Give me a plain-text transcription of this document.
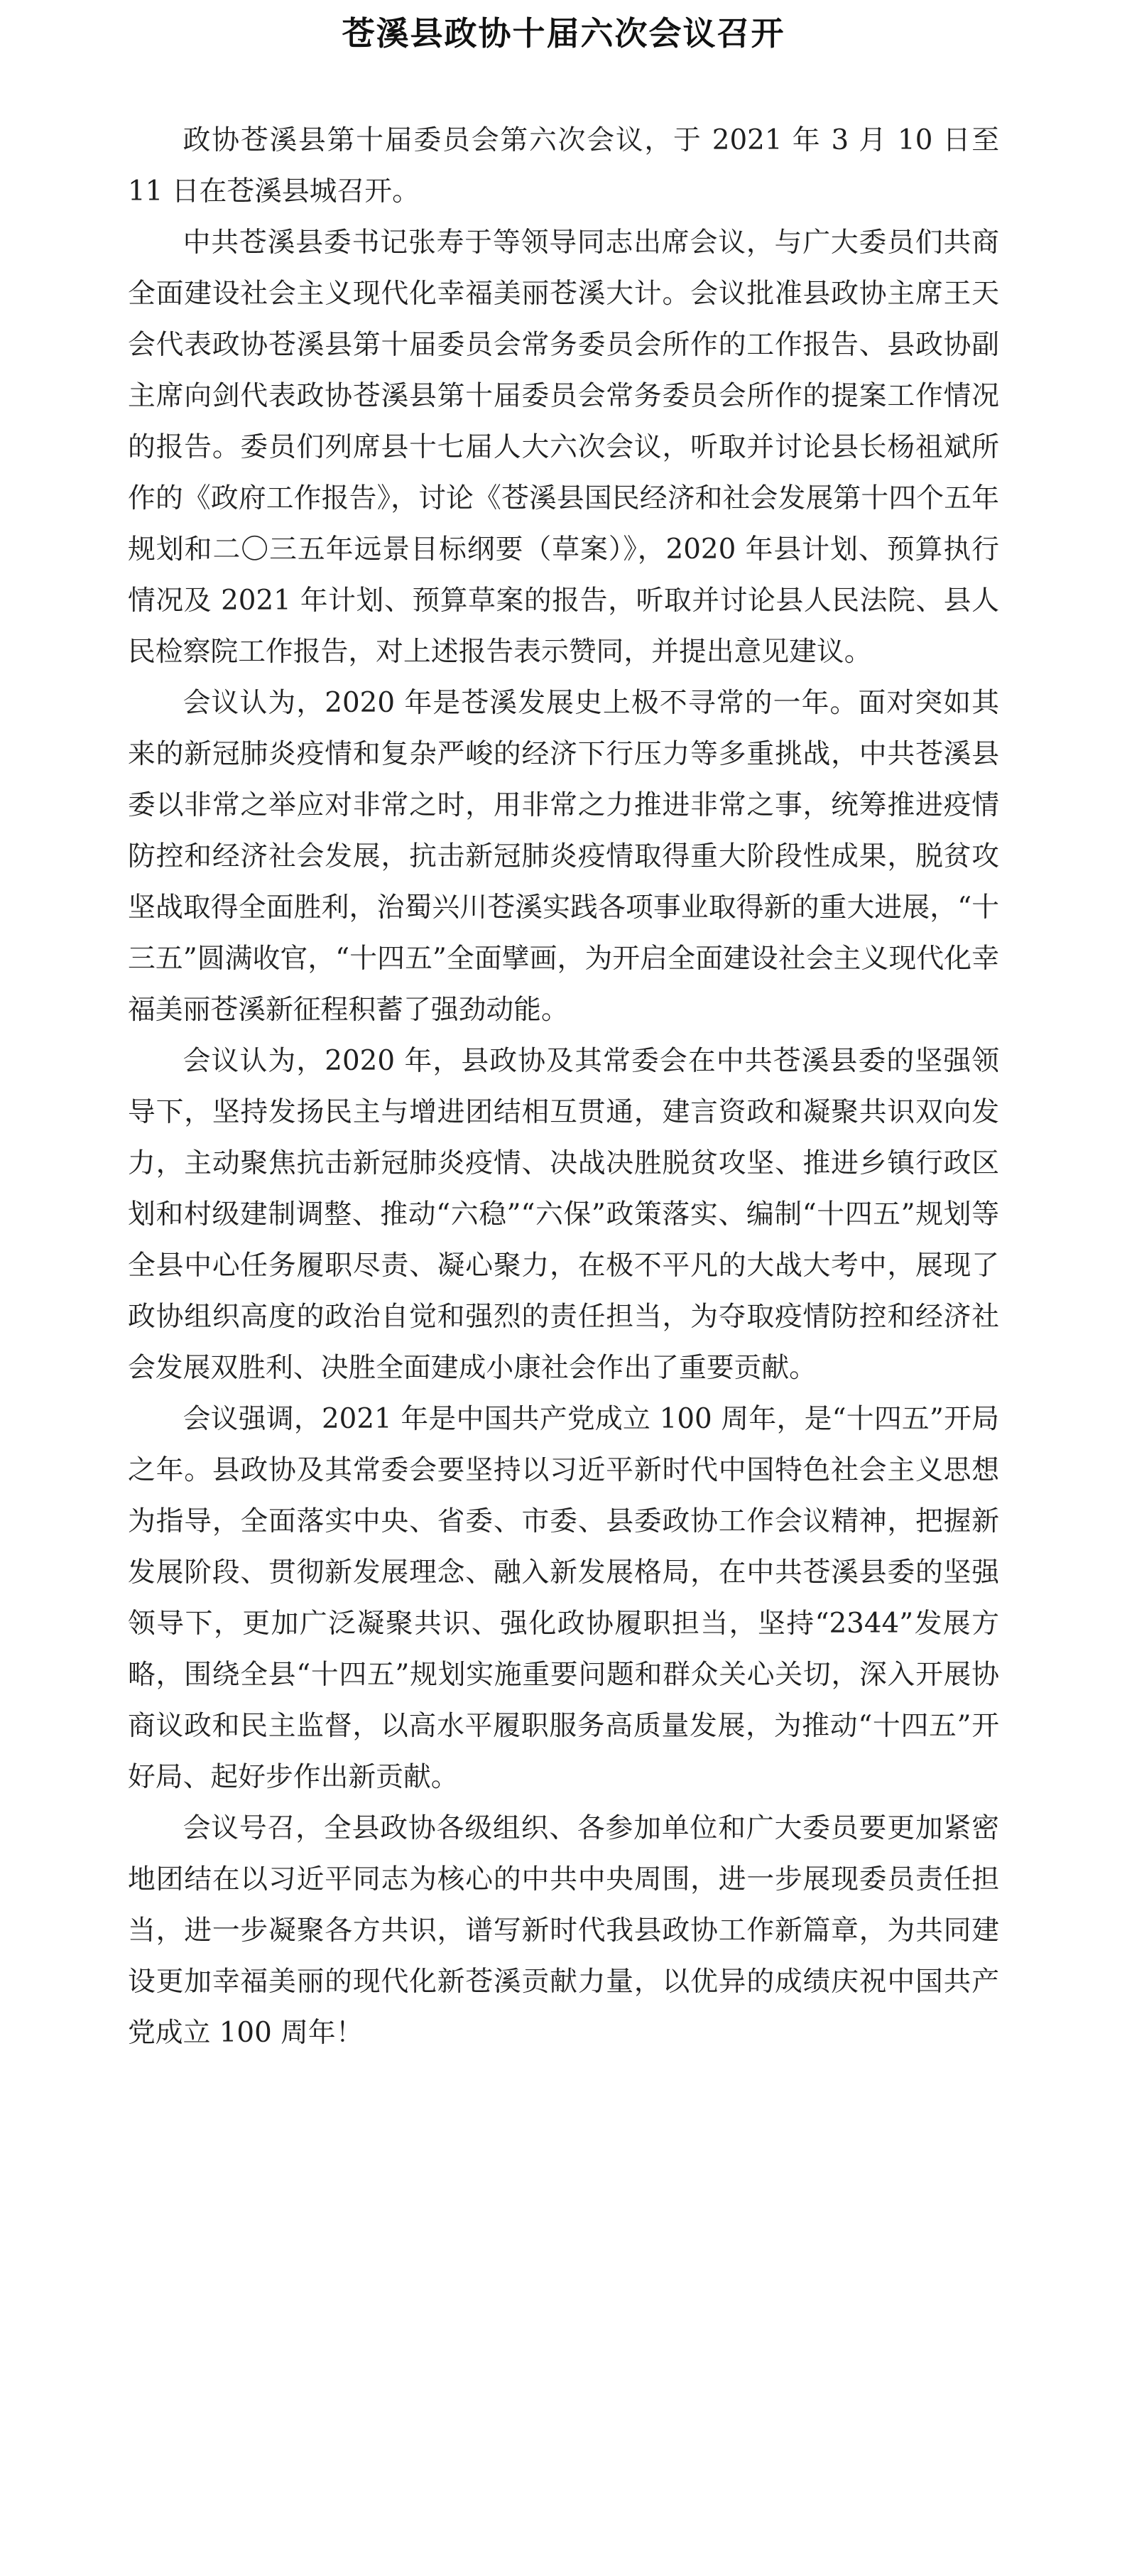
苍溪县政协十届六次会议召开

政协苍溪县第十届委员会第六次会议，于 2021 年 3 月 10 日至 11 日在苍溪县城召开。

中共苍溪县委书记张寿于等领导同志出席会议，与广大委员们共商全面建设社会主义现代化幸福美丽苍溪大计。会议批准县政协主席王天会代表政协苍溪县第十届委员会常务委员会所作的工作报告、县政协副主席向剑代表政协苍溪县第十届委员会常务委员会所作的提案工作情况的报告。委员们列席县十七届人大六次会议，听取并讨论县长杨祖斌所作的《政府工作报告》，讨论《苍溪县国民经济和社会发展第十四个五年规划和二〇三五年远景目标纲要（草案）》，2020 年县计划、预算执行情况及 2021 年计划、预算草案的报告，听取并讨论县人民法院、县人民检察院工作报告，对上述报告表示赞同，并提出意见建议。

会议认为，2020 年是苍溪发展史上极不寻常的一年。面对突如其来的新冠肺炎疫情和复杂严峻的经济下行压力等多重挑战，中共苍溪县委以非常之举应对非常之时，用非常之力推进非常之事，统筹推进疫情防控和经济社会发展，抗击新冠肺炎疫情取得重大阶段性成果，脱贫攻坚战取得全面胜利，治蜀兴川苍溪实践各项事业取得新的重大进展，“十三五”圆满收官，“十四五”全面擘画，为开启全面建设社会主义现代化幸福美丽苍溪新征程积蓄了强劲动能。

会议认为，2020 年，县政协及其常委会在中共苍溪县委的坚强领导下，坚持发扬民主与增进团结相互贯通，建言资政和凝聚共识双向发力，主动聚焦抗击新冠肺炎疫情、决战决胜脱贫攻坚、推进乡镇行政区划和村级建制调整、推动“六稳”“六保”政策落实、编制“十四五”规划等全县中心任务履职尽责、凝心聚力，在极不平凡的大战大考中，展现了政协组织高度的政治自觉和强烈的责任担当，为夺取疫情防控和经济社会发展双胜利、决胜全面建成小康社会作出了重要贡献。

会议强调，2021 年是中国共产党成立 100 周年，是“十四五”开局之年。县政协及其常委会要坚持以习近平新时代中国特色社会主义思想为指导，全面落实中央、省委、市委、县委政协工作会议精神，把握新发展阶段、贯彻新发展理念、融入新发展格局，在中共苍溪县委的坚强领导下，更加广泛凝聚共识、强化政协履职担当，坚持“2344”发展方略，围绕全县“十四五”规划实施重要问题和群众关心关切，深入开展协商议政和民主监督，以高水平履职服务高质量发展，为推动“十四五”开好局、起好步作出新贡献。

会议号召，全县政协各级组织、各参加单位和广大委员要更加紧密地团结在以习近平同志为核心的中共中央周围，进一步展现委员责任担当，进一步凝聚各方共识，谱写新时代我县政协工作新篇章，为共同建设更加幸福美丽的现代化新苍溪贡献力量，以优异的成绩庆祝中国共产党成立 100 周年！
